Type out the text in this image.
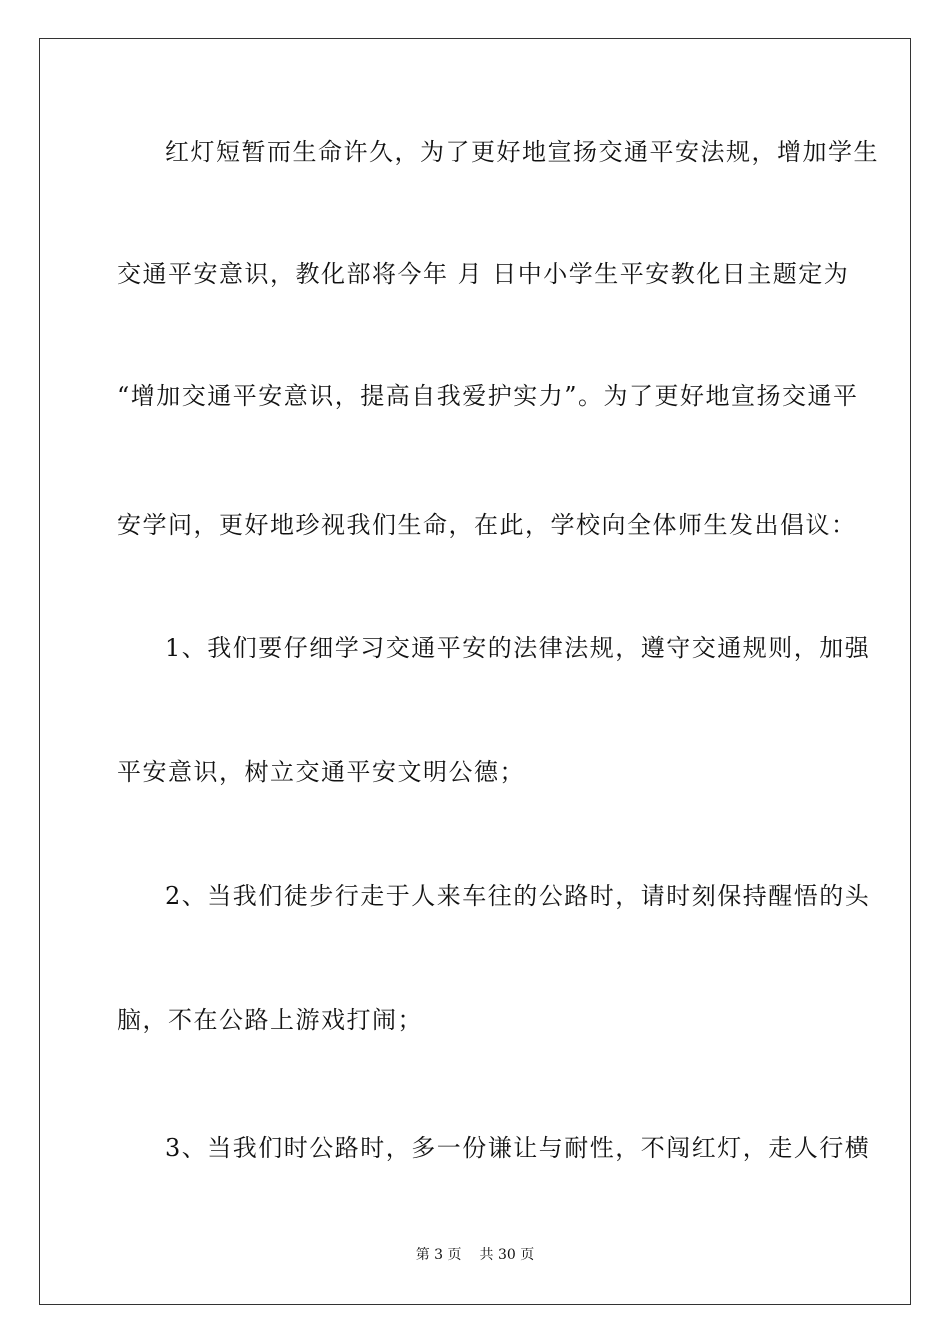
红灯短暂而生命许久，为了更好地宣扬交通平安法规，增加学生
交通平安意识，教化部将今年 月 日中小学生平安教化日主题定为
“增加交通平安意识，提高自我爱护实力”。为了更好地宣扬交通平
安学问，更好地珍视我们生命，在此，学校向全体师生发出倡议：
1、我们要仔细学习交通平安的法律法规，遵守交通规则，加强
平安意识，树立交通平安文明公德；
2、当我们徒步行走于人来车往的公路时，请时刻保持醒悟的头
脑，不在公路上游戏打闹；
3、当我们时公路时，多一份谦让与耐性，不闯红灯，走人行横
第 3 页 共 30 页
